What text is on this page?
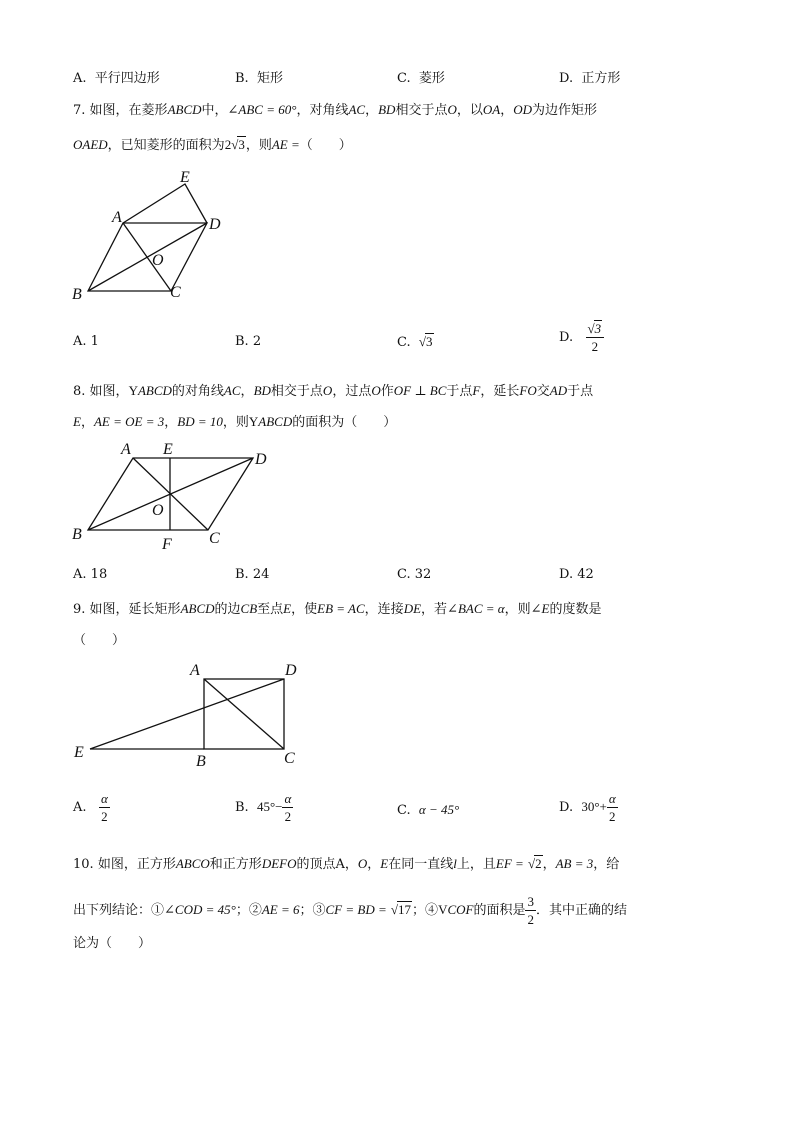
A. 平行四边形	B. 矩形	C. 菱形	D. 正方形
7. 如图，在菱形ABCD中，∠ABC = 60°，对角线AC，BD相交于点O，以OA，OD为边作矩形
OAED，已知菱形的面积为2√3，则AE =（　　）
E
A	D
O
B	C
A. 1	B. 2	C. √3	D. $\frac{√3}{2}$
8. 如图，YABCD的对角线AC，BD相交于点O，过点O作OF ⊥ BC于点F，延长FO交AD于点
E，AE = OE = 3，BD = 10，则YABCD的面积为（　　）
A E
D
O
B
F C
A. 18	B. 24	C. 32	D. 42
9. 如图，延长矩形ABCD的边CB至点E，使EB = AC，连接DE，若∠BAC = α，则∠E的度数是
（　　）
A	D
E
B	C
A. $\frac{\alpha}{2}$	B. $45^\circ- \frac{\alpha}{2}$	C. α − 45°	D. $30^\circ+ \frac{\alpha}{2}$
10. 如图，正方形ABCO和正方形DEFO的顶点A，O，E在同一直线l上，且EF = √2，AB = 3，给
出下列结论：①∠COD = 45°；②AE = 6；③CF = BD = √17；④VCOF的面积是 $\frac{3}{2}$ ．其中正确的结
论为（　　）
